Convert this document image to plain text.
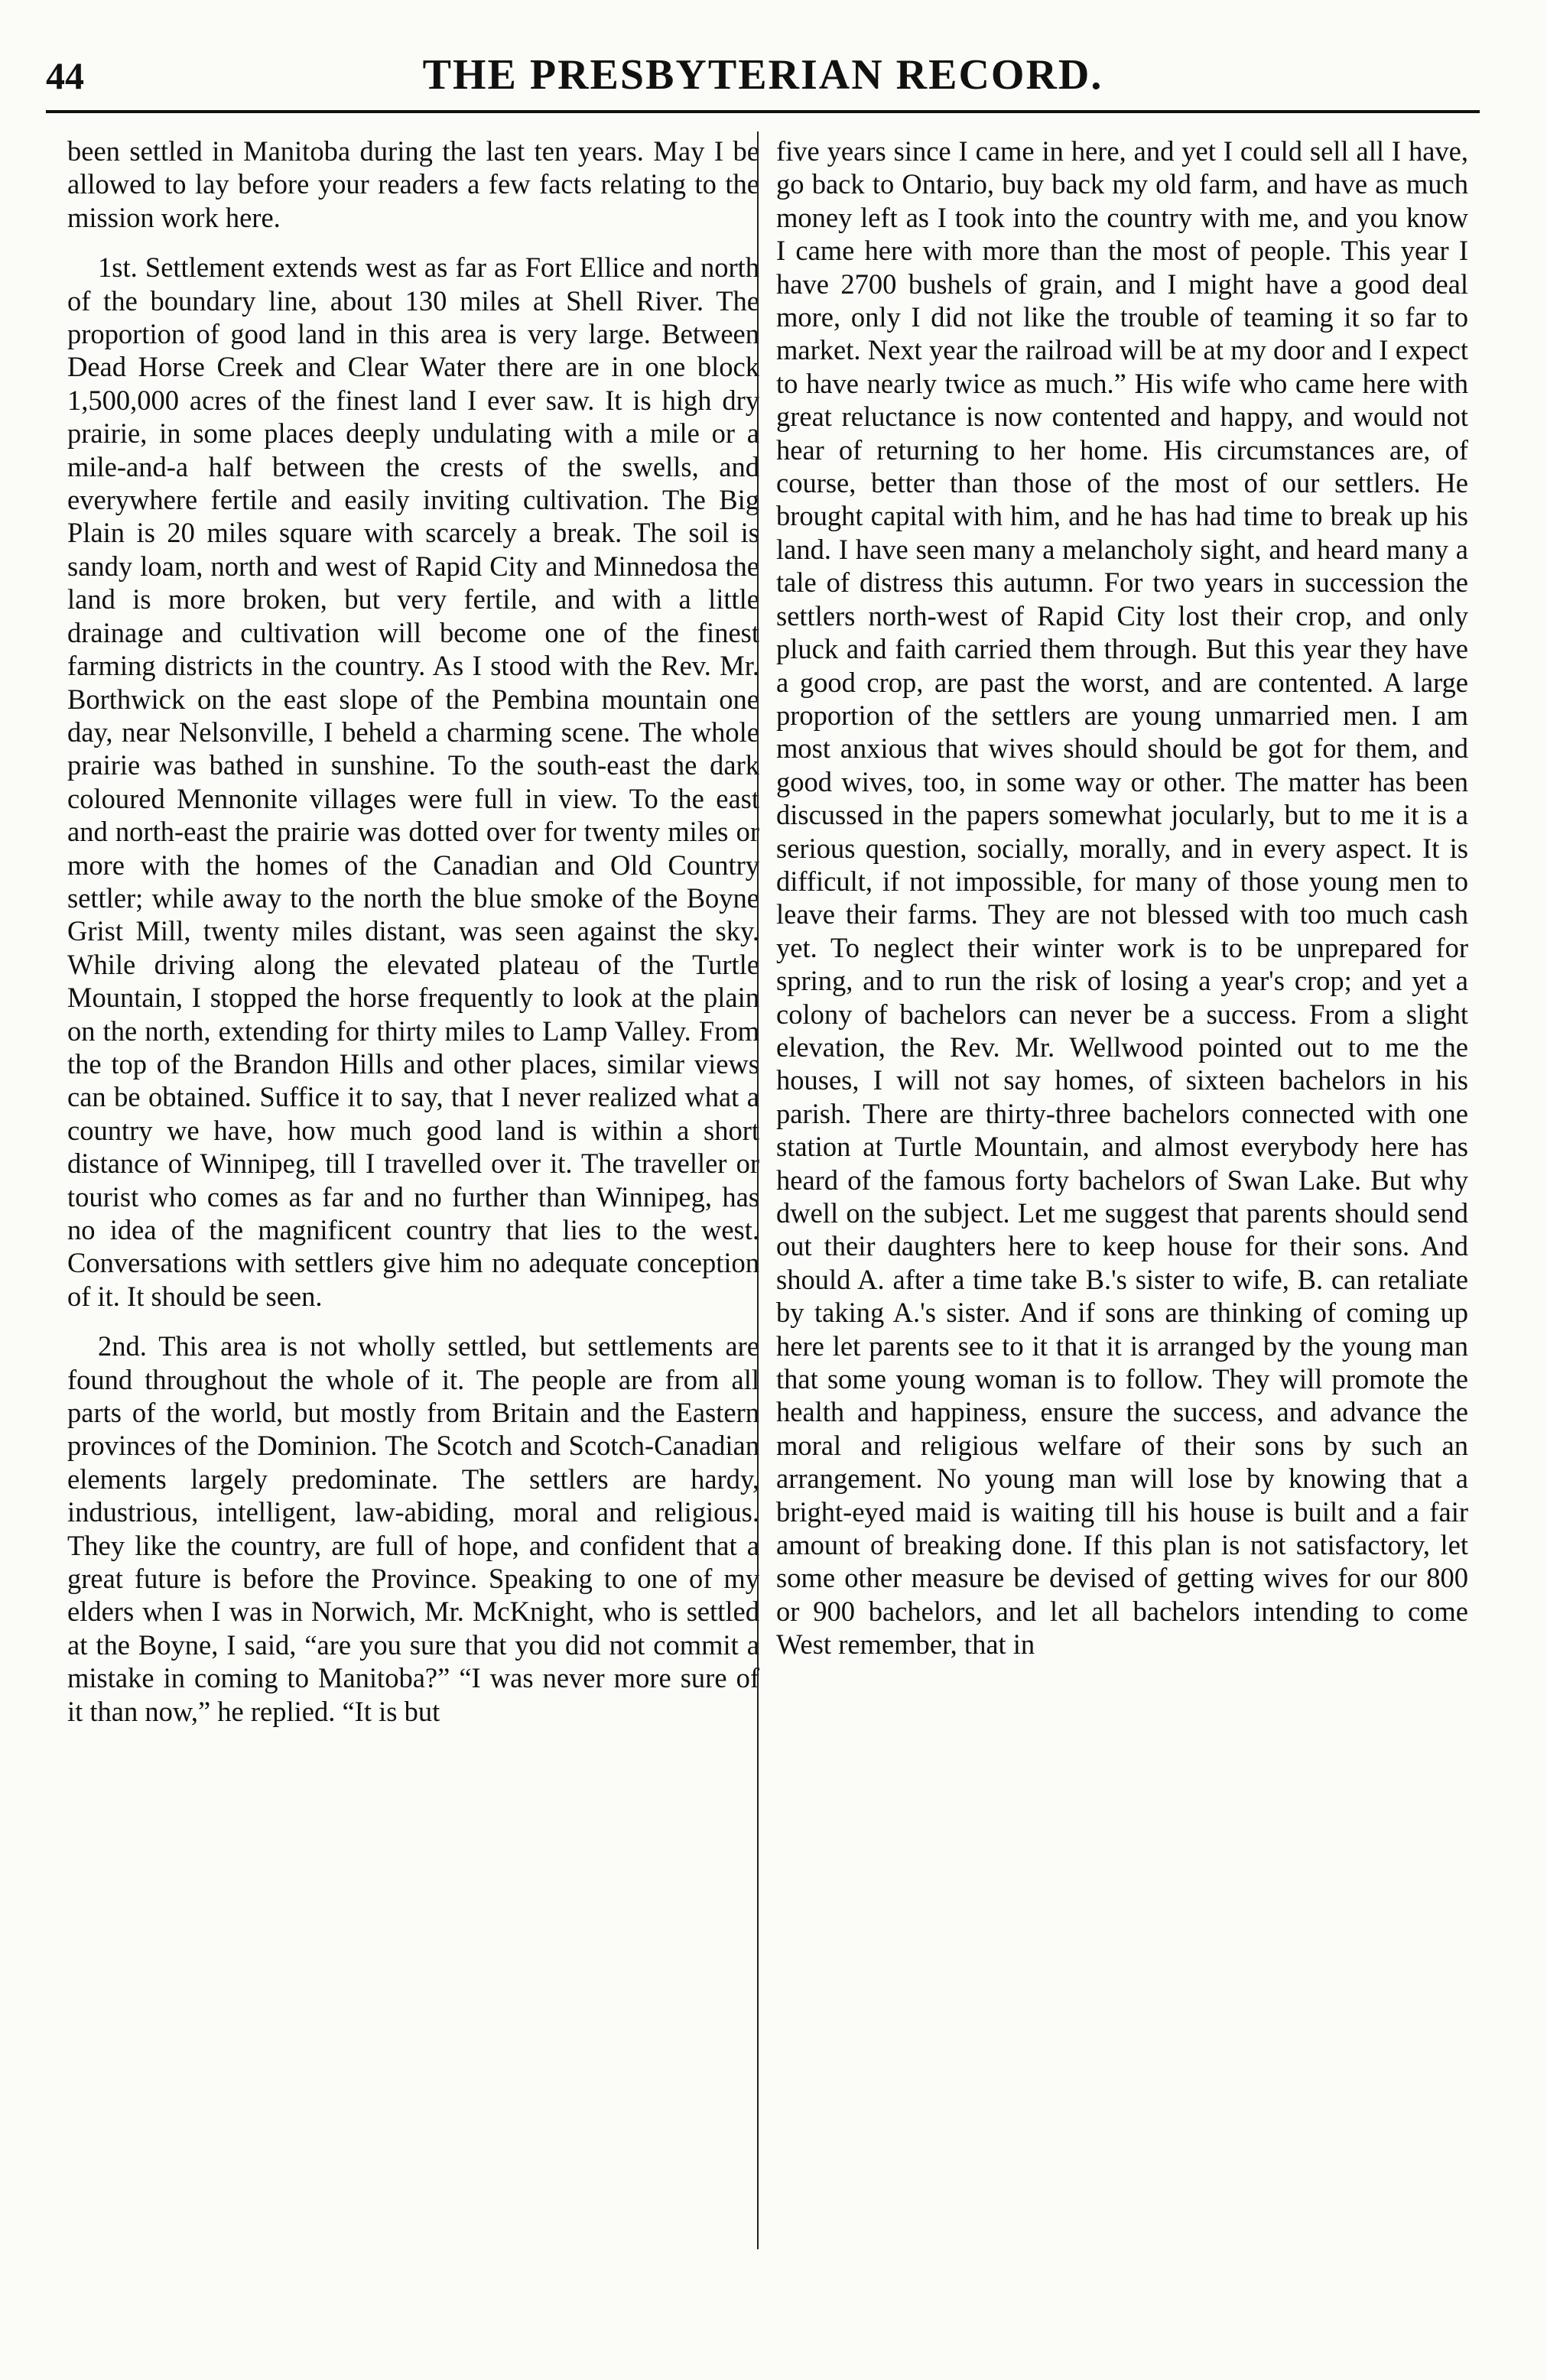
44	THE PRESBYTERIAN RECORD.

been settled in Manitoba during the last ten years. May I be allowed to lay before your readers a few facts relating to the mission work here.

1st. Settlement extends west as far as Fort Ellice and north of the boundary line, about 130 miles at Shell River. The proportion of good land in this area is very large. Between Dead Horse Creek and Clear Water there are in one block 1,500,000 acres of the finest land I ever saw. It is high dry prairie, in some places deeply undulating with a mile or a mile-and-a half between the crests of the swells, and everywhere fertile and easily inviting cultivation. The Big Plain is 20 miles square with scarcely a break. The soil is sandy loam, north and west of Rapid City and Minnedosa the land is more broken, but very fertile, and with a little drainage and cultivation will become one of the finest farming districts in the country. As I stood with the Rev. Mr. Borthwick on the east slope of the Pembina mountain one day, near Nelsonville, I beheld a charming scene. The whole prairie was bathed in sunshine. To the south-east the dark coloured Mennonite villages were full in view. To the east and north-east the prairie was dotted over for twenty miles or more with the homes of the Canadian and Old Country settler; while away to the north the blue smoke of the Boyne Grist Mill, twenty miles distant, was seen against the sky. While driving along the elevated plateau of the Turtle Mountain, I stopped the horse frequently to look at the plain on the north, extending for thirty miles to Lamp Valley. From the top of the Brandon Hills and other places, similar views can be obtained. Suffice it to say, that I never realized what a country we have, how much good land is within a short distance of Winnipeg, till I travelled over it. The traveller or tourist who comes as far and no further than Winnipeg, has no idea of the magnificent country that lies to the west. Conversations with settlers give him no adequate conception of it. It should be seen.

2nd. This area is not wholly settled, but settlements are found throughout the whole of it. The people are from all parts of the world, but mostly from Britain and the Eastern provinces of the Dominion. The Scotch and Scotch-Canadian elements largely predominate. The settlers are hardy, industrious, intelligent, law-abiding, moral and religious. They like the country, are full of hope, and confident that a great future is before the Province. Speaking to one of my elders when I was in Norwich, Mr. McKnight, who is settled at the Boyne, I said, “are you sure that you did not commit a mistake in coming to Manitoba?” “I was never more sure of it than now,” he replied. “It is but

five years since I came in here, and yet I could sell all I have, go back to Ontario, buy back my old farm, and have as much money left as I took into the country with me, and you know I came here with more than the most of people. This year I have 2700 bushels of grain, and I might have a good deal more, only I did not like the trouble of teaming it so far to market. Next year the railroad will be at my door and I expect to have nearly twice as much.” His wife who came here with great reluctance is now contented and happy, and would not hear of returning to her home. His circumstances are, of course, better than those of the most of our settlers. He brought capital with him, and he has had time to break up his land. I have seen many a melancholy sight, and heard many a tale of distress this autumn. For two years in succession the settlers north-west of Rapid City lost their crop, and only pluck and faith carried them through. But this year they have a good crop, are past the worst, and are contented. A large proportion of the settlers are young unmarried men. I am most anxious that wives should should be got for them, and good wives, too, in some way or other. The matter has been discussed in the papers somewhat jocularly, but to me it is a serious question, socially, morally, and in every aspect. It is difficult, if not impossible, for many of those young men to leave their farms. They are not blessed with too much cash yet. To neglect their winter work is to be unprepared for spring, and to run the risk of losing a year's crop; and yet a colony of bachelors can never be a success. From a slight elevation, the Rev. Mr. Wellwood pointed out to me the houses, I will not say homes, of sixteen bachelors in his parish. There are thirty-three bachelors connected with one station at Turtle Mountain, and almost everybody here has heard of the famous forty bachelors of Swan Lake. But why dwell on the subject. Let me suggest that parents should send out their daughters here to keep house for their sons. And should A. after a time take B.'s sister to wife, B. can retaliate by taking A.'s sister. And if sons are thinking of coming up here let parents see to it that it is arranged by the young man that some young woman is to follow. They will promote the health and happiness, ensure the success, and advance the moral and religious welfare of their sons by such an arrangement. No young man will lose by knowing that a bright-eyed maid is waiting till his house is built and a fair amount of breaking done. If this plan is not satisfactory, let some other measure be devised of getting wives for our 800 or 900 bachelors, and let all bachelors intending to come West remember, that in
